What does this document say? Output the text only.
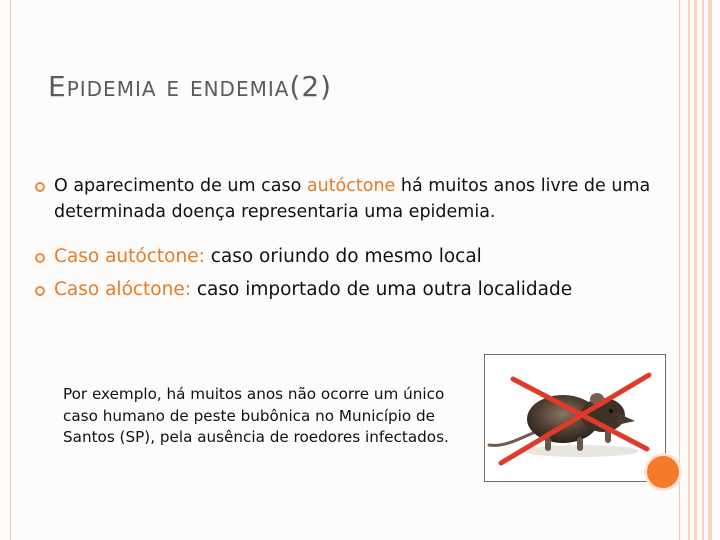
Epidemia e endemia(2)
O aparecimento de um caso autóctone há muitos anos livre de uma determinada doença representaria uma epidemia.
Caso autóctone: caso oriundo do mesmo local
Caso alóctone: caso importado de uma outra localidade

Por exemplo, há muitos anos não ocorre um único caso humano de peste bubônica no Município de Santos (SP), pela ausência de roedores infectados.
